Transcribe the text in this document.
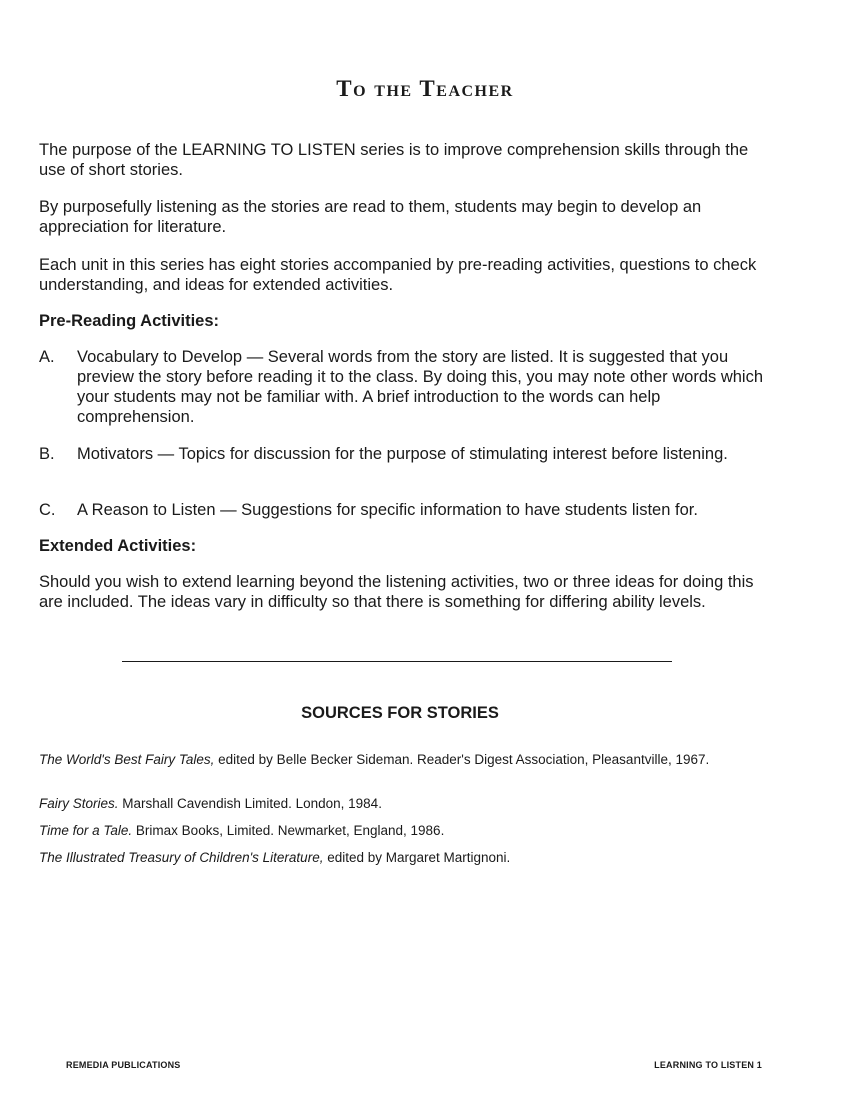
To the Teacher

The purpose of the LEARNING TO LISTEN series is to improve comprehension skills through the use of short stories.

By purposefully listening as the stories are read to them, students may begin to develop an appreciation for literature.

Each unit in this series has eight stories accompanied by pre-reading activities, questions to check understanding, and ideas for extended activities.

Pre-Reading Activities:

A. Vocabulary to Develop — Several words from the story are listed. It is suggested that you preview the story before reading it to the class. By doing this, you may note other words which your students may not be familiar with. A brief introduction to the words can help comprehension.
B. Motivators — Topics for discussion for the purpose of stimulating interest before listening.
C. A Reason to Listen — Suggestions for specific information to have students listen for.

Extended Activities:

Should you wish to extend learning beyond the listening activities, two or three ideas for doing this are included. The ideas vary in difficulty so that there is something for differing ability levels.

SOURCES FOR STORIES

The World's Best Fairy Tales, edited by Belle Becker Sideman. Reader's Digest Association, Pleasantville, 1967.

Fairy Stories. Marshall Cavendish Limited. London, 1984.

Time for a Tale. Brimax Books, Limited. Newmarket, England, 1986.

The Illustrated Treasury of Children's Literature, edited by Margaret Martignoni.

REMEDIA PUBLICATIONS	LEARNING TO LISTEN 1
